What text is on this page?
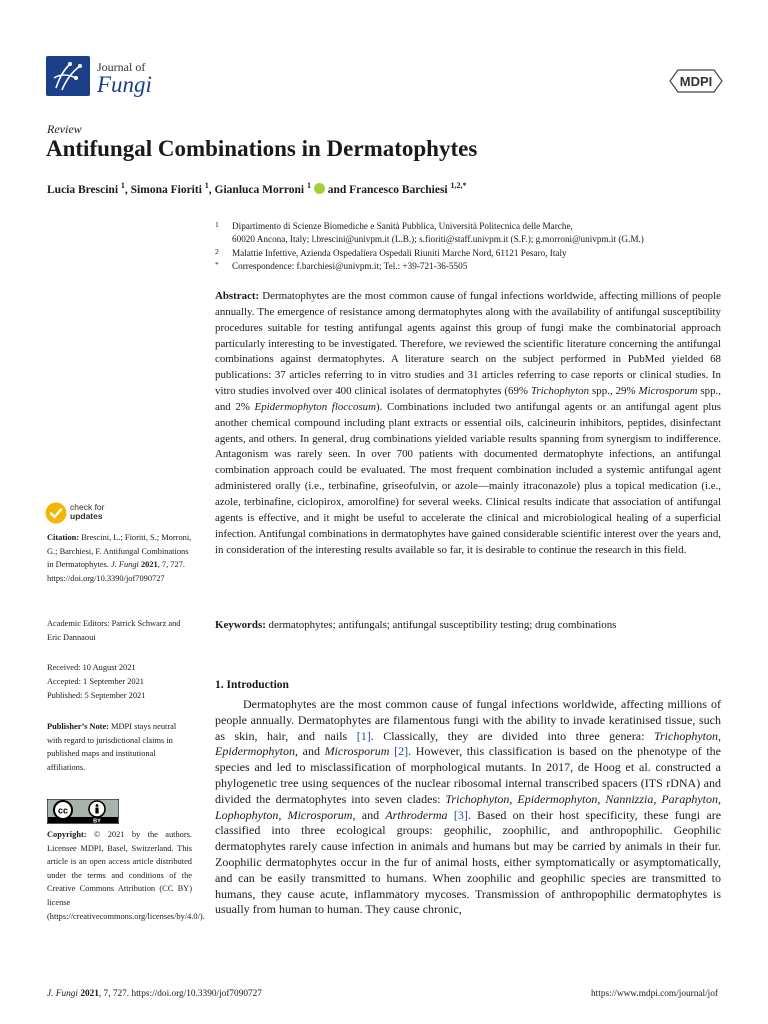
Journal of
Fungi	MDPI
Review
Antifungal Combinations in Dermatophytes
Lucia Brescini $^1$, Simona Fioriti $^1$, Gianluca Morroni $^1$  and Francesco Barchiesi $^{1,2,*}$
1 Dipartimento di Scienze Biomediche e Sanità Pubblica, Università Politecnica delle Marche,
60020 Ancona, Italy; l.brescini@univpm.it (L.B.); s.fioriti@staff.univpm.it (S.F.); g.morroni@univpm.it (G.M.)
2 Malattie Infettive, Azienda Ospedaliera Ospedali Riuniti Marche Nord, 61121 Pesaro, Italy
* Correspondence: f.barchiesi@univpm.it; Tel.: +39-721-36-5505
Abstract: Dermatophytes are the most common cause of fungal infections worldwide, affecting millions of people annually. The emergence of resistance among dermatophytes along with the availability of antifungal susceptibility procedures suitable for testing antifungal agents against this group of fungi make the combinatorial approach particularly interesting to be investigated. Therefore, we reviewed the scientific literature concerning the antifungal combinations against dermatophytes. A literature search on the subject performed in PubMed yielded 68 publications: 37 articles referring to in vitro studies and 31 articles referring to case reports or clinical studies. In vitro studies involved over 400 clinical isolates of dermatophytes (69% Trichophyton spp., 29% Microsporum spp., and 2% Epidermophyton floccosum). Combinations included two antifungal agents or an antifungal agent plus another chemical compound including plant extracts or essential oils, calcineurin inhibitors, peptides, disinfectant agents, and others. In general, drug combinations yielded variable results spanning from synergism to indifference. Antagonism was rarely seen. In over 700 patients with documented dermatophyte infections, an antifungal combination approach could be evaluated. The most frequent combination included a systemic antifungal agent administered orally (i.e., terbinafine, griseofulvin, or azole—mainly itraconazole) plus a topical medication (i.e., azole, terbinafine, ciclopirox, amorolfine) for several weeks. Clinical results indicate that association of antifungal agents is effective, and it might be useful to accelerate the clinical and microbiological healing of a superficial infection. Antifungal combinations in dermatophytes have gained considerable scientific interest over the years and, in consideration of the interesting results available so far, it is desirable to continue the research in this field.
Keywords: dermatophytes; antifungals; antifungal susceptibility testing; drug combinations
1. Introduction
Dermatophytes are the most common cause of fungal infections worldwide, affecting millions of people annually. Dermatophytes are filamentous fungi with the ability to invade keratinised tissue, such as skin, hair, and nails [1]. Classically, they are divided into three genera: Trichophyton, Epidermophyton, and Microsporum [2]. However, this classification is based on the phenotype of the species and led to misclassification of morphological mutants. In 2017, de Hoog et al. constructed a phylogenetic tree using sequences of the nuclear ribosomal internal transcribed spacers (ITS rDNA) and divided the dermatophytes into seven clades: Trichophyton, Epidermophyton, Nannizzia, Paraphyton, Lophophyton, Microsporum, and Arthroderma [3]. Based on their host specificity, these fungi are classified into three ecological groups: geophilic, zoophilic, and anthropophilic. Geophilic dermatophytes rarely cause infection in animals and humans but may be carried by animals in their fur. Zoophilic dermatophytes occur in the fur of animal hosts, either symptomatically or asymptomatically, and can be easily transmitted to humans. When zoophilic and geophilic species are transmitted to humans, they cause acute, inflammatory mycoses. Transmission of anthropophilic dermatophytes is usually from human to human. They cause chronic,
check for
updates
Citation: Brescini, L.; Fioriti, S.; Morroni, G.; Barchiesi, F. Antifungal Combinations in Dermatophytes. J. Fungi 2021, 7, 727. https://doi.org/10.3390/jof7090727
Academic Editors: Patrick Schwarz and Eric Dannaoui
Received: 10 August 2021
Accepted: 1 September 2021
Published: 5 September 2021
Publisher’s Note: MDPI stays neutral with regard to jurisdictional claims in published maps and institutional affiliations.
cc
BY
Copyright: © 2021 by the authors. Licensee MDPI, Basel, Switzerland. This article is an open access article distributed under the terms and conditions of the Creative Commons Attribution (CC BY) license (https://creativecommons.org/licenses/by/4.0/).
J. Fungi 2021, 7, 727. https://doi.org/10.3390/jof7090727	https://www.mdpi.com/journal/jof
